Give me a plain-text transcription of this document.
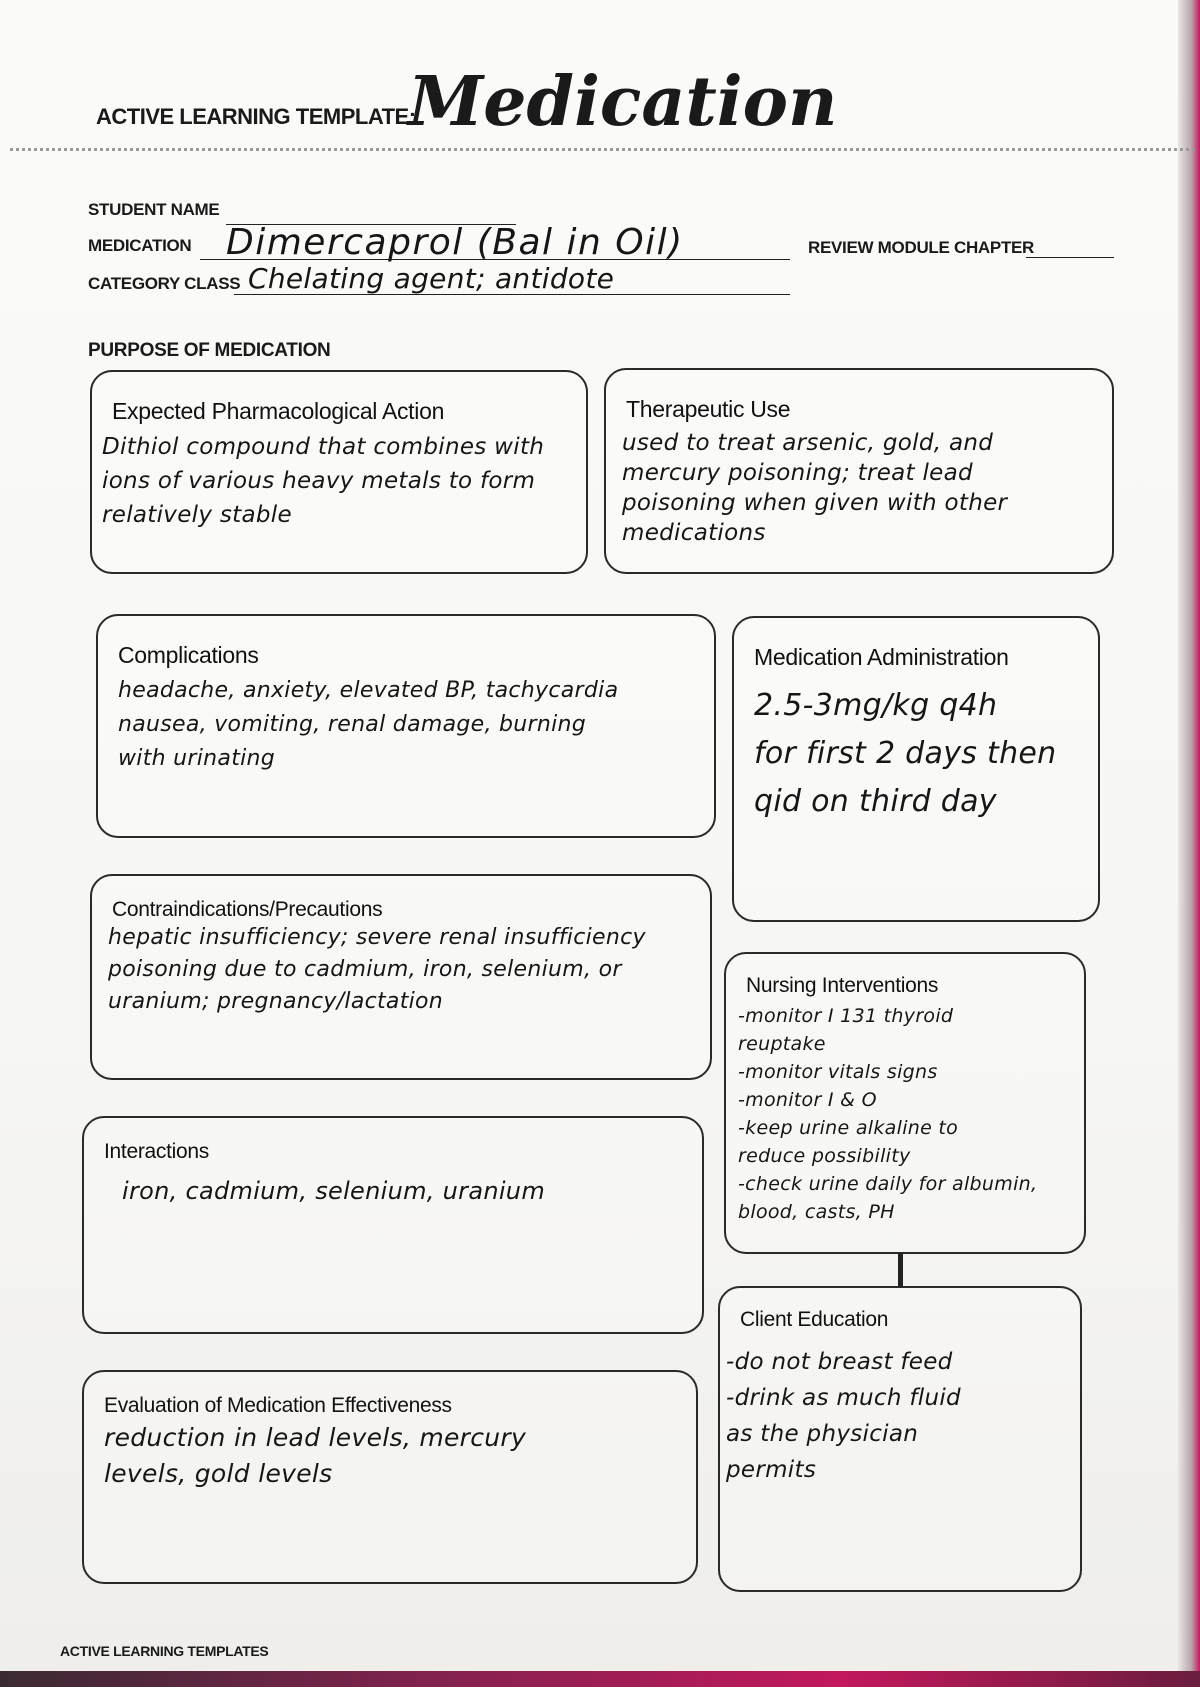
ACTIVE LEARNING TEMPLATE:
Medication
STUDENT NAME
MEDICATION Dimercaprol (Bal in Oil)	REVIEW MODULE CHAPTER
CATEGORY CLASS Chelating agent; antidote
PURPOSE OF MEDICATION
Expected Pharmacological Action
Dithiol compound that combines with
ions of various heavy metals to form
relatively stable
Therapeutic Use
used to treat arsenic, gold, and
mercury poisoning; treat lead
poisoning when given with other
medications
Complications
headache, anxiety, elevated BP, tachycardia
nausea, vomiting, renal damage, burning
with urinating
Medication Administration
2.5-3mg/kg q4h
for first 2 days then
qid on third day
Contraindications/Precautions
hepatic insufficiency; severe renal insufficiency
poisoning due to cadmium, iron, selenium, or
uranium; pregnancy/lactation
Nursing Interventions
-monitor I 131 thyroid
reuptake
-monitor vitals signs
-monitor I & O
-keep urine alkaline to
reduce possibility
-check urine daily for albumin,
blood, casts, PH
Interactions
iron, cadmium, selenium, uranium
Client Education
-do not breast feed
-drink as much fluid
as the physician
permits
Evaluation of Medication Effectiveness
reduction in lead levels, mercury
levels, gold levels
ACTIVE LEARNING TEMPLATES
